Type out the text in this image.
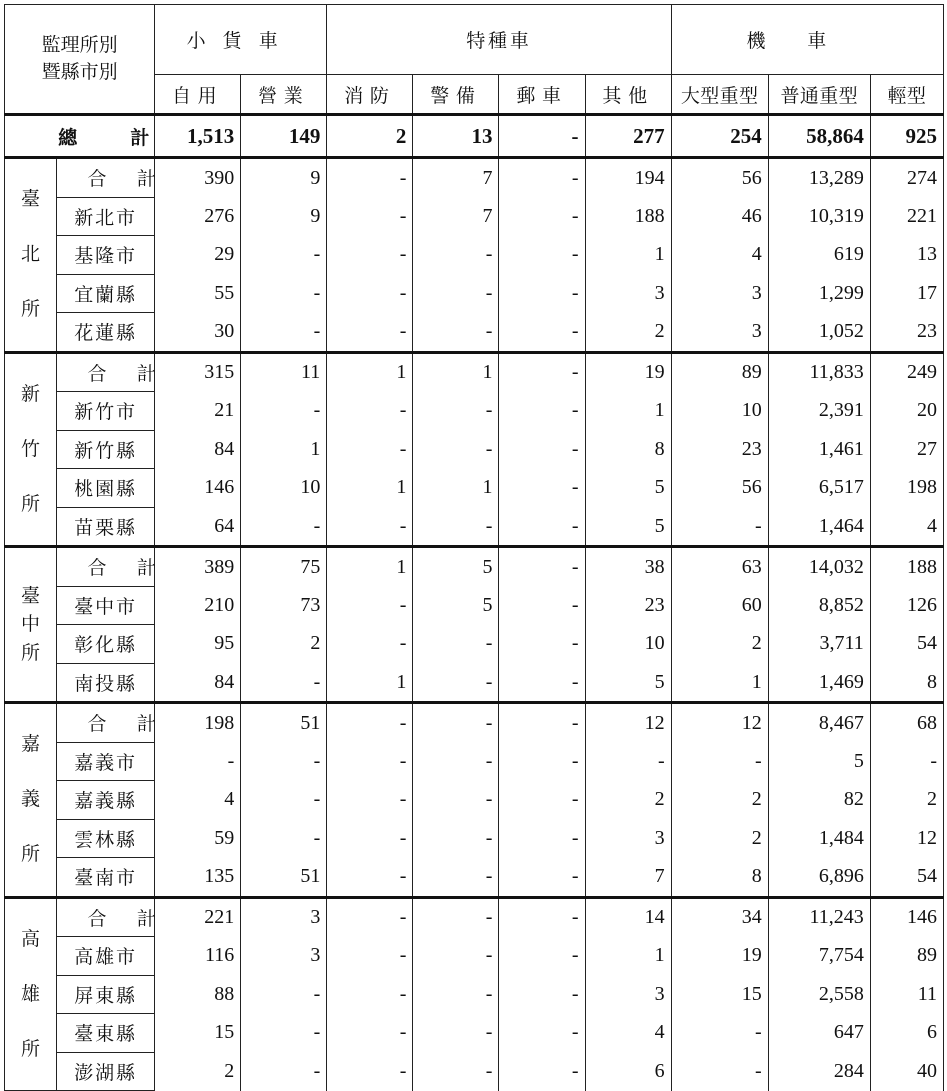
監理所別
暨縣市別		小貨車		特種車				機車		
		自用	營業	消防	警備	郵車	其他	大型重型	普通重型	輕型
總計		1,513	149	2	13	-	277	254	58,864	925

臺
北
所	合計	390	9	-	7	-	194	56	13,289	274
	新北市	276	9	-	7	-	188	46	10,319	221
	基隆市	29	-	-	-	-	1	4	619	13
	宜蘭縣	55	-	-	-	-	3	3	1,299	17
	花蓮縣	30	-	-	-	-	2	3	1,052	23

新
竹
所	合計	315	11	1	1	-	19	89	11,833	249
	新竹市	21	-	-	-	-	1	10	2,391	20
	新竹縣	84	1	-	-	-	8	23	1,461	27
	桃園縣	146	10	1	1	-	5	56	6,517	198
	苗栗縣	64	-	-	-	-	5	-	1,464	4

臺
中
所	合計	389	75	1	5	-	38	63	14,032	188
	臺中市	210	73	-	5	-	23	60	8,852	126
	彰化縣	95	2	-	-	-	10	2	3,711	54
	南投縣	84	-	1	-	-	5	1	1,469	8

嘉
義
所	合計	198	51	-	-	-	12	12	8,467	68
	嘉義市	-	-	-	-	-	-	-	5	-
	嘉義縣	4	-	-	-	-	2	2	82	2
	雲林縣	59	-	-	-	-	3	2	1,484	12
	臺南市	135	51	-	-	-	7	8	6,896	54

高
雄
所	合計	221	3	-	-	-	14	34	11,243	146
	高雄市	116	3	-	-	-	1	19	7,754	89
	屏東縣	88	-	-	-	-	3	15	2,558	11
	臺東縣	15	-	-	-	-	4	-	647	6
	澎湖縣	2	-	-	-	-	6	-	284	40
